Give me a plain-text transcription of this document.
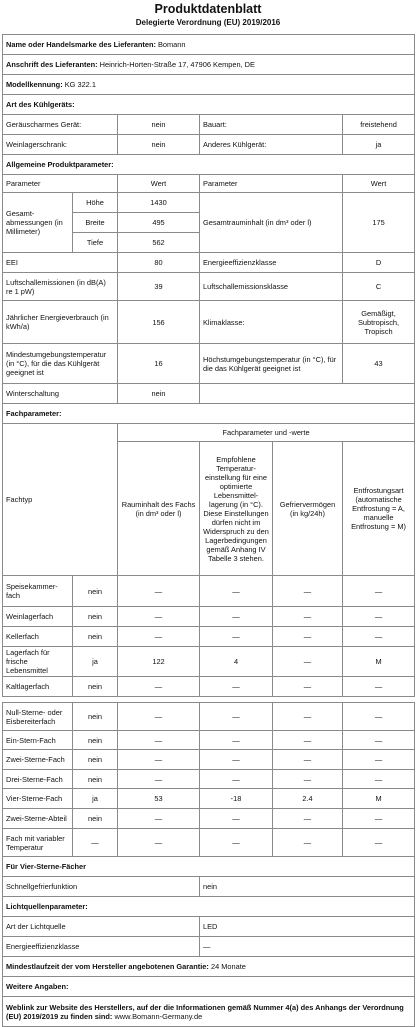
Produktdatenblatt
Delegierte Verordnung (EU) 2019/2016
Name oder Handelsmarke des Lieferanten: Bomann					
Anschrift des Lieferanten: Heinrich-Horten-Straße 17, 47906 Kempen, DE					
Modellkennung: KG 322.1					
Art des Kühlgeräts:					
Geräuscharmes Gerät:		nein	Bauart:		freistehend
Weinlagerschrank:		nein	Anderes Kühlgerät:		ja
Allgemeine Produktparameter:					
Parameter		Wert	Parameter		Wert
Gesamt-abmessungen (in Millimeter)	Höhe	1430	Gesamtrauminhalt (in dm³ oder l)		175
	Breite	495			
	Tiefe	562			
EEI		80	Energieeffizienzklasse		D
Luftschallemissionen (in dB(A) re 1 pW)		39	Luftschallemissionsklasse		C
Jährlicher Energieverbrauch (in kWh/a)		156	Klimaklasse:		Gemäßigt, Subtropisch, Tropisch
Mindestumgebungstemperatur (in °C), für die das Kühlgerät geeignet ist		16	Höchstumgebungstemperatur (in °C), für die das Kühlgerät geeignet ist		43
Winterschaltung		nein			
Fachparameter:					
Fachtyp		Fachparameter und -werte			
		Rauminhalt des Fachs (in dm³ oder l)	Empfohlene Temperatur-einstellung für eine optimierte Lebensmittel-lagerung (in °C). Diese Einstellungen dürfen nicht im Widerspruch zu den Lagerbedingungen gemäß Anhang IV Tabelle 3 stehen.	Gefriervermögen (in kg/24h)	Entfrostungsart (automatische Entfrostung = A, manuelle Entfrostung = M)
Speisekammer-fach	nein	—	—	—	—
Weinlagerfach	nein	—	—	—	—
Kellerfach	nein	—	—	—	—
Lagerfach für frische Lebensmittel	ja	122	4	—	M
Kaltlagerfach	nein	—	—	—	—

Null-Sterne- oder Eisbereiterfach	nein	—	—	—	—
Ein-Stern-Fach	nein	—	—	—	—
Zwei-Sterne-Fach	nein	—	—	—	—
Drei-Sterne-Fach	nein	—	—	—	—
Vier-Sterne-Fach	ja	53	-18	2.4	M
Zwei-Sterne-Abteil	nein	—	—	—	—
Fach mit variabler Temperatur	—	—	—	—	—
Für Vier-Sterne-Fächer					
Schnellgefrierfunktion			nein		
Lichtquellenparameter:					
Art der Lichtquelle			LED		
Energieeffizienzklasse			—		
Mindestlaufzeit der vom Hersteller angebotenen Garantie: 24 Monate					
Weitere Angaben:					
Weblink zur Website des Herstellers, auf der die Informationen gemäß Nummer 4(a) des Anhangs der Verordnung (EU) 2019/2019 zu finden sind: www.Bomann-Germany.de					
